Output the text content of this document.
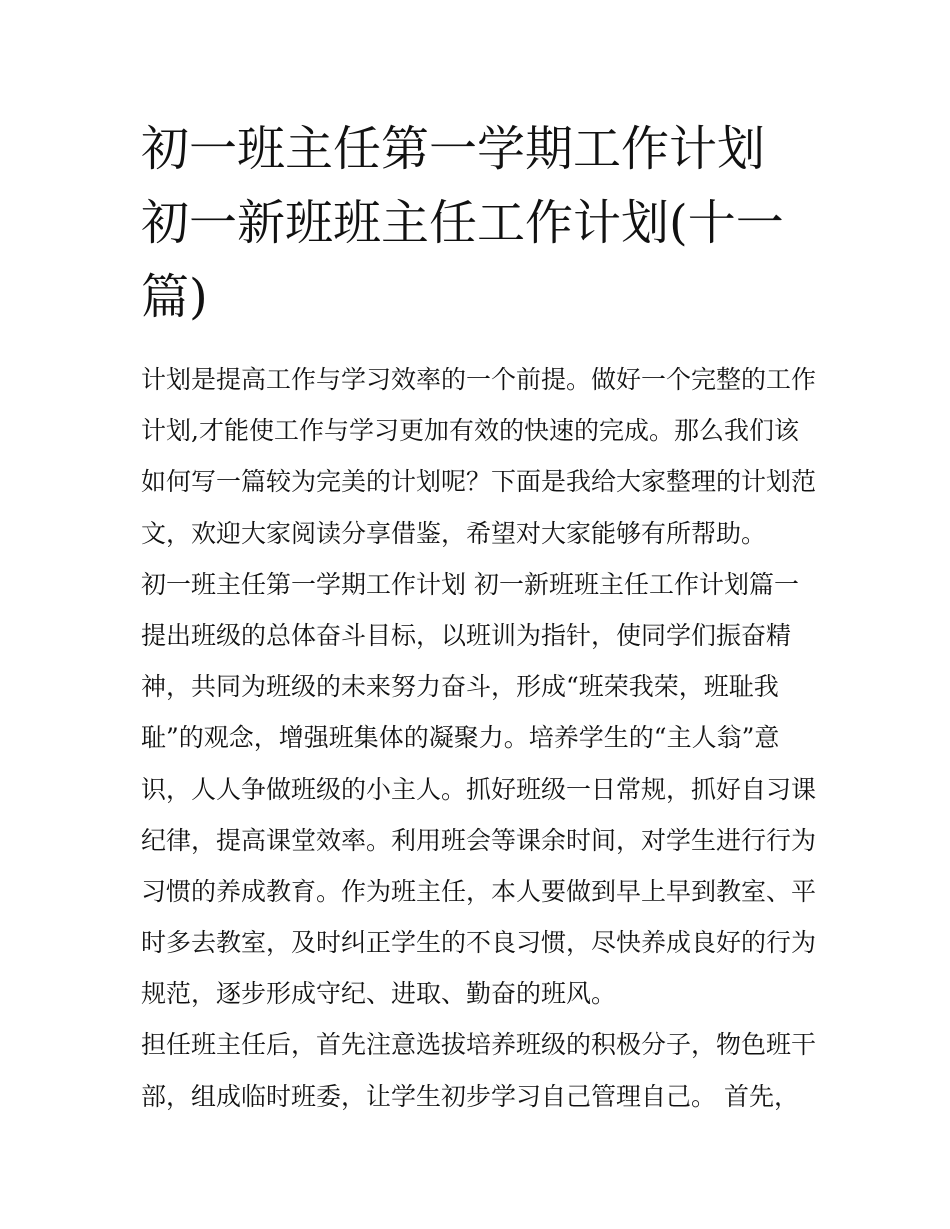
初一班主任第一学期工作计划
初一新班班主任工作计划(十一
篇)
计划是提高工作与学习效率的一个前提。做好一个完整的工作
计划,才能使工作与学习更加有效的快速的完成。那么我们该
如何写一篇较为完美的计划呢？下面是我给大家整理的计划范
文，欢迎大家阅读分享借鉴，希望对大家能够有所帮助。
初一班主任第一学期工作计划 初一新班班主任工作计划篇一
提出班级的总体奋斗目标，以班训为指针，使同学们振奋精
神，共同为班级的未来努力奋斗，形成“班荣我荣，班耻我
耻”的观念，增强班集体的凝聚力。培养学生的“主人翁”意
识，人人争做班级的小主人。抓好班级一日常规，抓好自习课
纪律，提高课堂效率。利用班会等课余时间，对学生进行行为
习惯的养成教育。作为班主任，本人要做到早上早到教室、平
时多去教室，及时纠正学生的不良习惯，尽快养成良好的行为
规范，逐步形成守纪、进取、勤奋的班风。
担任班主任后，首先注意选拔培养班级的积极分子，物色班干
部，组成临时班委，让学生初步学习自己管理自己。 首先，
